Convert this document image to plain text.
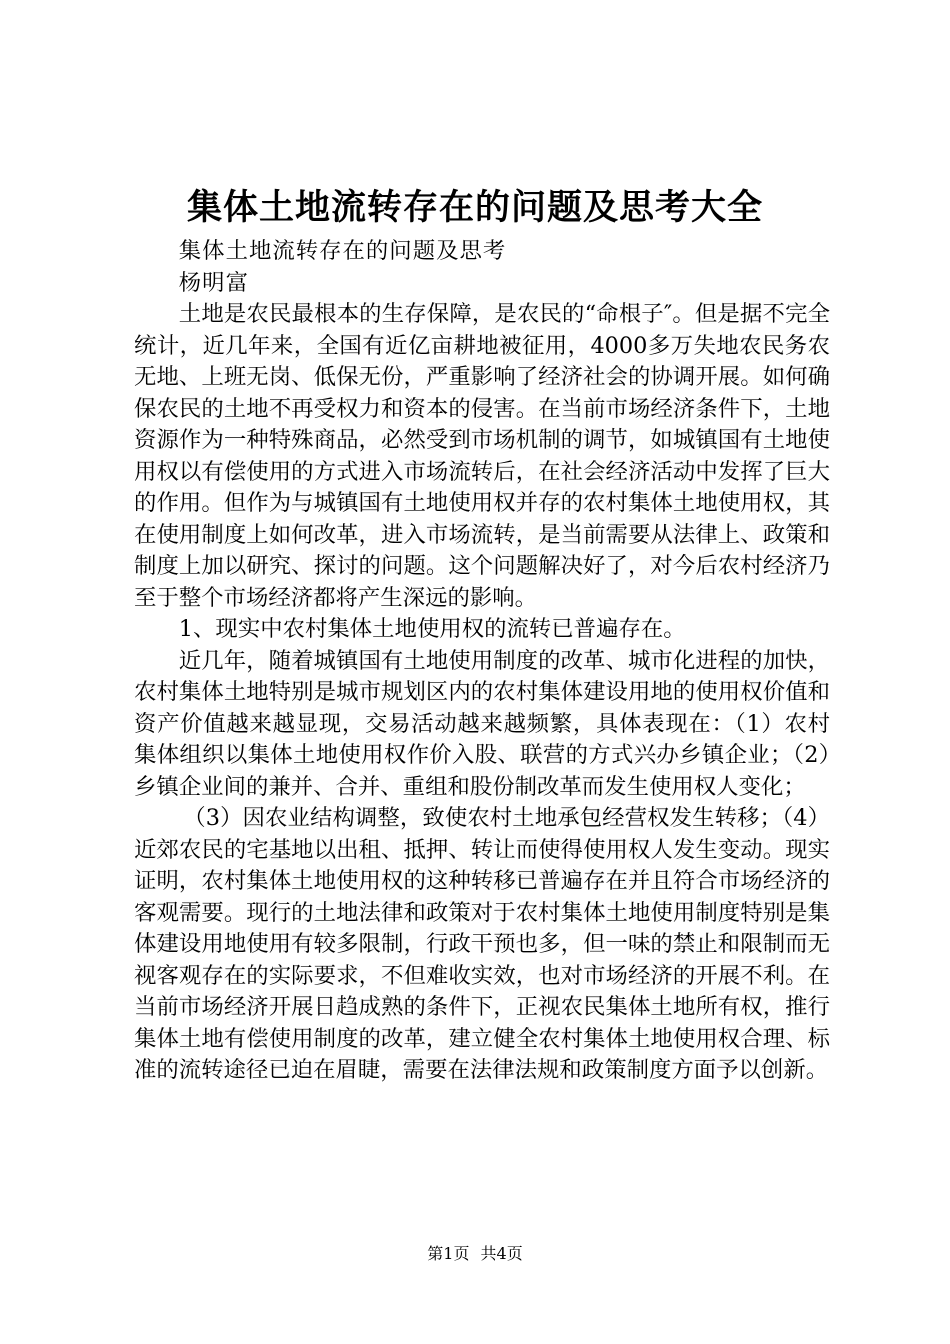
集体土地流转存在的问题及思考大全

集体土地流转存在的问题及思考

杨明富

土地是农民最根本的生存保障，是农民的“命根子″。但是据不完全统计，近几年来，全国有近亿亩耕地被征用，4000多万失地农民务农无地、上班无岗、低保无份，严重影响了经济社会的协调开展。如何确保农民的土地不再受权力和资本的侵害。在当前市场经济条件下，土地资源作为一种特殊商品，必然受到市场机制的调节，如城镇国有土地使用权以有偿使用的方式进入市场流转后，在社会经济活动中发挥了巨大的作用。但作为与城镇国有土地使用权并存的农村集体土地使用权，其在使用制度上如何改革，进入市场流转，是当前需要从法律上、政策和制度上加以研究、探讨的问题。这个问题解决好了，对今后农村经济乃至于整个市场经济都将产生深远的影响。

1、现实中农村集体土地使用权的流转已普遍存在。

近几年，随着城镇国有土地使用制度的改革、城市化进程的加快，农村集体土地特别是城市规划区内的农村集体建设用地的使用权价值和资产价值越来越显现，交易活动越来越频繁，具体表现在：（1）农村集体组织以集体土地使用权作价入股、联营的方式兴办乡镇企业；（2）乡镇企业间的兼并、合并、重组和股份制改革而发生使用权人变化；

（3）因农业结构调整，致使农村土地承包经营权发生转移；（4）近郊农民的宅基地以出租、抵押、转让而使得使用权人发生变动。现实证明，农村集体土地使用权的这种转移已普遍存在并且符合市场经济的客观需要。现行的土地法律和政策对于农村集体土地使用制度特别是集体建设用地使用有较多限制，行政干预也多，但一味的禁止和限制而无视客观存在的实际要求，不但难收实效，也对市场经济的开展不利。在当前市场经济开展日趋成熟的条件下，正视农民集体土地所有权，推行集体土地有偿使用制度的改革，建立健全农村集体土地使用权合理、标准的流转途径已迫在眉睫，需要在法律法规和政策制度方面予以创新。

第1页 共4页
